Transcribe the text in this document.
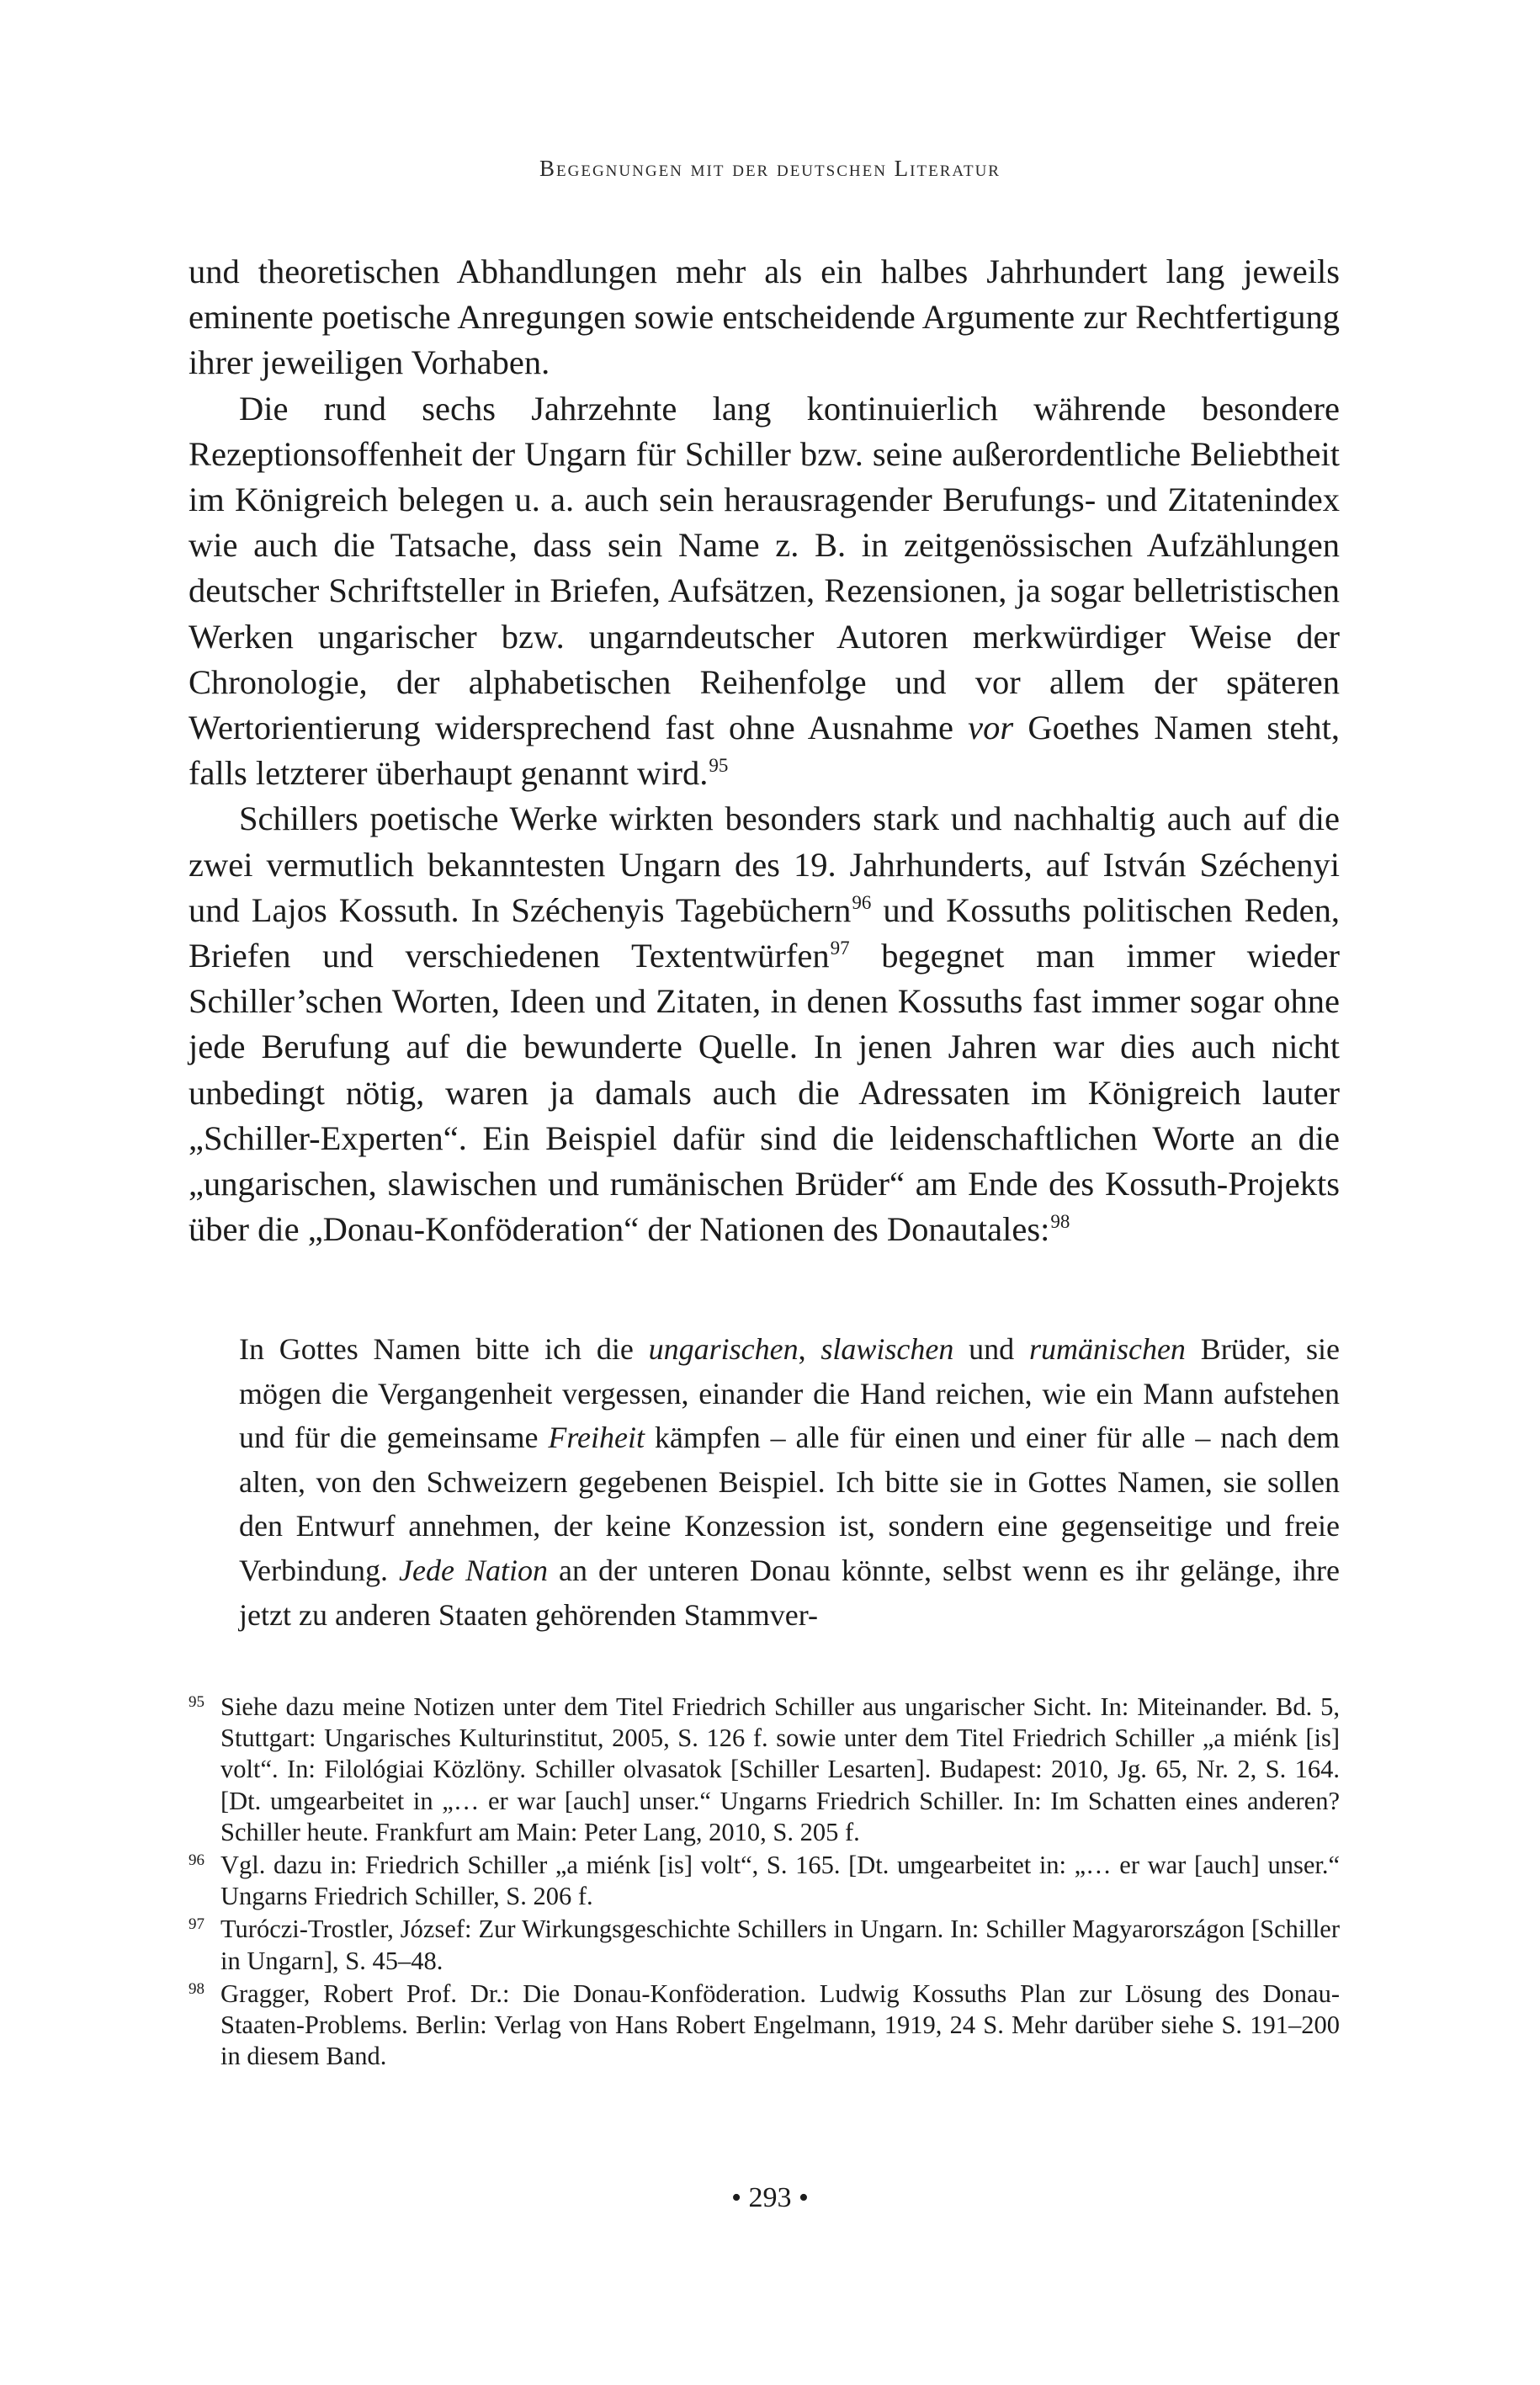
Begegnungen mit der deutschen Literatur

und theoretischen Abhandlungen mehr als ein halbes Jahrhundert lang jeweils eminente poetische Anregungen sowie entscheidende Argumente zur Rechtfertigung ihrer jeweiligen Vorhaben.

Die rund sechs Jahrzehnte lang kontinuierlich währende besondere Rezeptionsoffenheit der Ungarn für Schiller bzw. seine außerordentliche Beliebtheit im Königreich belegen u. a. auch sein herausragender Berufungs- und Zitatenindex wie auch die Tatsache, dass sein Name z. B. in zeitgenössischen Aufzählungen deutscher Schriftsteller in Briefen, Aufsätzen, Rezensionen, ja sogar belletristischen Werken ungarischer bzw. ungarndeutscher Autoren merkwürdiger Weise der Chronologie, der alphabetischen Reihenfolge und vor allem der späteren Wertorientierung widersprechend fast ohne Ausnahme vor Goethes Namen steht, falls letzterer überhaupt genannt wird.$^{95}$

Schillers poetische Werke wirkten besonders stark und nachhaltig auch auf die zwei vermutlich bekanntesten Ungarn des 19. Jahrhunderts, auf István Széchenyi und Lajos Kossuth. In Széchenyis Tagebüchern$^{96}$ und Kossuths politischen Reden, Briefen und verschiedenen Textentwürfen$^{97}$ begegnet man immer wieder Schiller’schen Worten, Ideen und Zitaten, in denen Kossuths fast immer sogar ohne jede Berufung auf die bewunderte Quelle. In jenen Jahren war dies auch nicht unbedingt nötig, waren ja damals auch die Adressaten im Königreich lauter „Schiller-Experten“. Ein Beispiel dafür sind die leidenschaftlichen Worte an die „ungarischen, slawischen und rumänischen Brüder“ am Ende des Kossuth-Projekts über die „Donau-Konföderation“ der Nationen des Donautales:$^{98}$

In Gottes Namen bitte ich die ungarischen, slawischen und rumänischen Brüder, sie mögen die Vergangenheit vergessen, einander die Hand reichen, wie ein Mann aufstehen und für die gemeinsame Freiheit kämpfen – alle für einen und einer für alle – nach dem alten, von den Schweizern gegebenen Beispiel. Ich bitte sie in Gottes Namen, sie sollen den Entwurf annehmen, der keine Konzession ist, sondern eine gegenseitige und freie Verbindung. Jede Nation an der unteren Donau könnte, selbst wenn es ihr gelänge, ihre jetzt zu anderen Staaten gehörenden Stammver-
95 Siehe dazu meine Notizen unter dem Titel Friedrich Schiller aus ungarischer Sicht. In: Miteinander. Bd. 5, Stuttgart: Ungarisches Kulturinstitut, 2005, S. 126 f. sowie unter dem Titel Friedrich Schiller „a miénk [is] volt“. In: Filológiai Közlöny. Schiller olvasatok [Schiller Lesarten]. Budapest: 2010, Jg. 65, Nr. 2, S. 164. [Dt. umgearbeitet in „… er war [auch] unser.“ Ungarns Friedrich Schiller. In: Im Schatten eines anderen? Schiller heute. Frankfurt am Main: Peter Lang, 2010, S. 205 f.
96 Vgl. dazu in: Friedrich Schiller „a miénk [is] volt“, S. 165. [Dt. umgearbeitet in: „… er war [auch] unser.“ Ungarns Friedrich Schiller, S. 206 f.
97 Turóczi-Trostler, József: Zur Wirkungsgeschichte Schillers in Ungarn. In: Schiller Magyarországon [Schiller in Ungarn], S. 45–48.
98 Gragger, Robert Prof. Dr.: Die Donau-Konföderation. Ludwig Kossuths Plan zur Lösung des Donau-Staaten-Problems. Berlin: Verlag von Hans Robert Engelmann, 1919, 24 S. Mehr darüber siehe S. 191–200 in diesem Band.
• 293 •
